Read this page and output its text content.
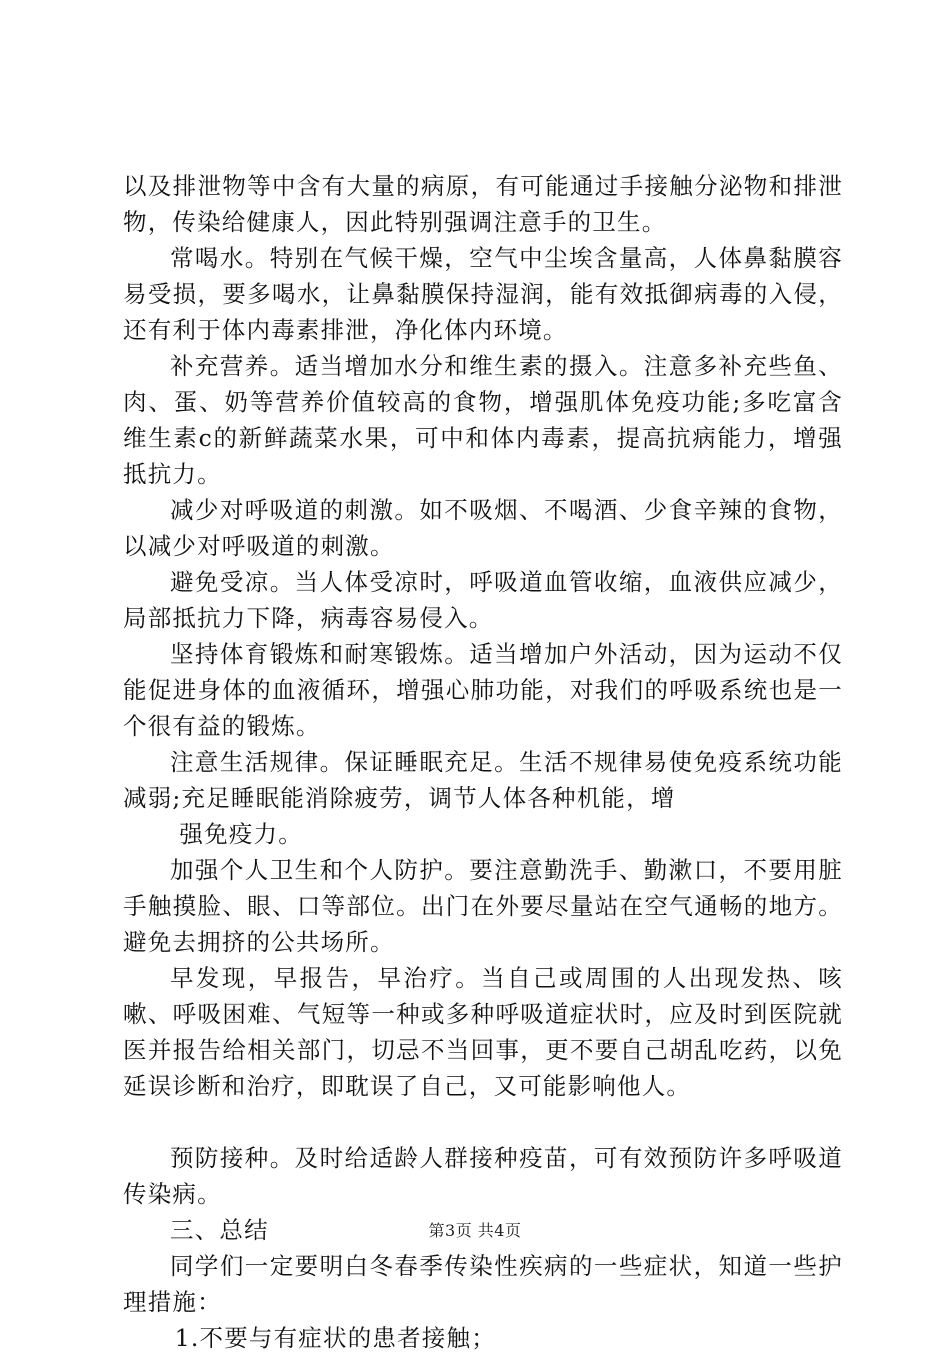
以及排泄物等中含有大量的病原，有可能通过手接触分泌物和排泄物，传染给健康人，因此特别强调注意手的卫生。

常喝水。特别在气候干燥，空气中尘埃含量高，人体鼻黏膜容易受损，要多喝水，让鼻黏膜保持湿润，能有效抵御病毒的入侵，还有利于体内毒素排泄，净化体内环境。

补充营养。适当增加水分和维生素的摄入。注意多补充些鱼、肉、蛋、奶等营养价值较高的食物，增强肌体免疫功能;多吃富含维生素c的新鲜蔬菜水果，可中和体内毒素，提高抗病能力，增强抵抗力。

减少对呼吸道的刺激。如不吸烟、不喝酒、少食辛辣的食物，以减少对呼吸道的刺激。

避免受凉。当人体受凉时，呼吸道血管收缩，血液供应减少，局部抵抗力下降，病毒容易侵入。

坚持体育锻炼和耐寒锻炼。适当增加户外活动，因为运动不仅能促进身体的血液循环，增强心肺功能，对我们的呼吸系统也是一个很有益的锻炼。

注意生活规律。保证睡眠充足。生活不规律易使免疫系统功能减弱;充足睡眠能消除疲劳，调节人体各种机能，增

强免疫力。

加强个人卫生和个人防护。要注意勤洗手、勤漱口，不要用脏手触摸脸、眼、口等部位。出门在外要尽量站在空气通畅的地方。避免去拥挤的公共场所。

早发现，早报告，早治疗。当自己或周围的人出现发热、咳嗽、呼吸困难、气短等一种或多种呼吸道症状时，应及时到医院就医并报告给相关部门，切忌不当回事，更不要自己胡乱吃药，以免延误诊断和治疗，即耽误了自己，又可能影响他人。

预防接种。及时给适龄人群接种疫苗，可有效预防许多呼吸道传染病。

三、总结

同学们一定要明白冬春季传染性疾病的一些症状，知道一些护理措施：

1.不要与有症状的患者接触；

第3页 共4页
